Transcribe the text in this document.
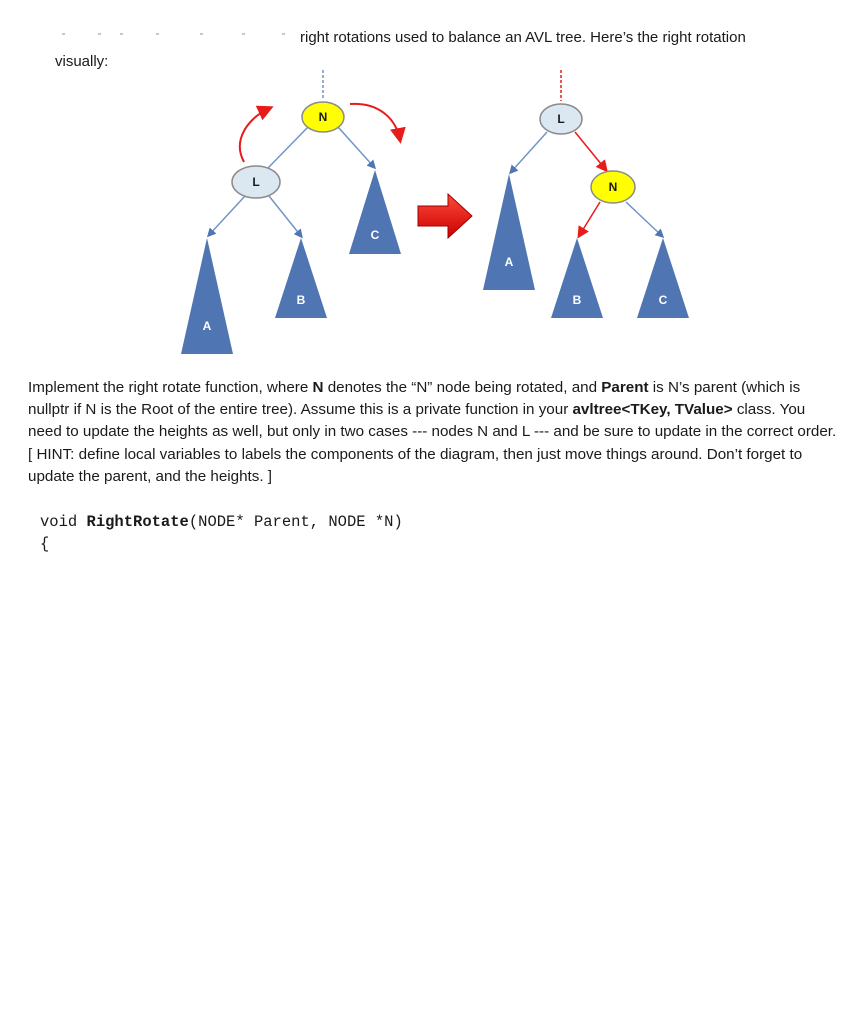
right rotations used to balance an AVL tree. Here’s the right rotation
visually:
A
B
C
N
L
A
B	C
L
N

Implement the right rotate function, where N denotes the “N” node being rotated, and Parent is N’s parent (which is nullptr if N is the Root of the entire tree). Assume this is a private function in your avltree<TKey, TValue> class. You need to update the heights as well, but only in two cases --- nodes N and L --- and be sure to update in the correct order. [ HINT: define local variables to labels the components of the diagram, then just move things around. Don’t forget to update the parent, and the heights. ]

void RightRotate(NODE* Parent, NODE *N)
{
